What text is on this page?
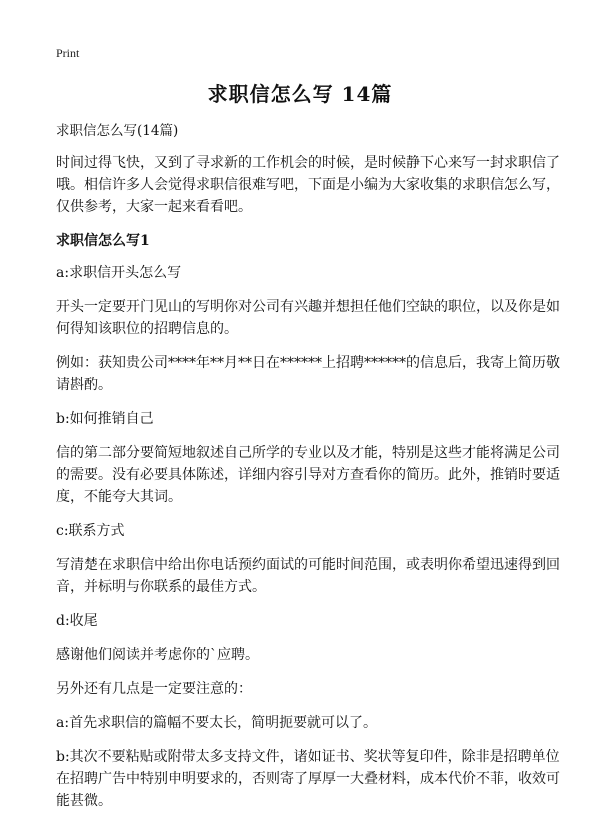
Print
求职信怎么写 14篇
求职信怎么写(14篇)
时间过得飞快，又到了寻求新的工作机会的时候，是时候静下心来写一封求职信了哦。相信许多人会觉得求职信很难写吧，下面是小编为大家收集的求职信怎么写，仅供参考，大家一起来看看吧。
求职信怎么写1
a:求职信开头怎么写
开头一定要开门见山的写明你对公司有兴趣并想担任他们空缺的职位，以及你是如何得知该职位的招聘信息的。
例如：获知贵公司****年**月**日在******上招聘******的信息后，我寄上简历敬请斟酌。
b:如何推销自己
信的第二部分要简短地叙述自己所学的专业以及才能，特别是这些才能将满足公司的需要。没有必要具体陈述，详细内容引导对方查看你的简历。此外，推销时要适度，不能夸大其词。
c:联系方式
写清楚在求职信中给出你电话预约面试的可能时间范围，或表明你希望迅速得到回音，并标明与你联系的最佳方式。
d:收尾
感谢他们阅读并考虑你的`应聘。
另外还有几点是一定要注意的：
a:首先求职信的篇幅不要太长，简明扼要就可以了。
b:其次不要粘贴或附带太多支持文件，诸如证书、奖状等复印件，除非是招聘单位在招聘广告中特别申明要求的，否则寄了厚厚一大叠材料，成本代价不菲，收效可能甚微。
